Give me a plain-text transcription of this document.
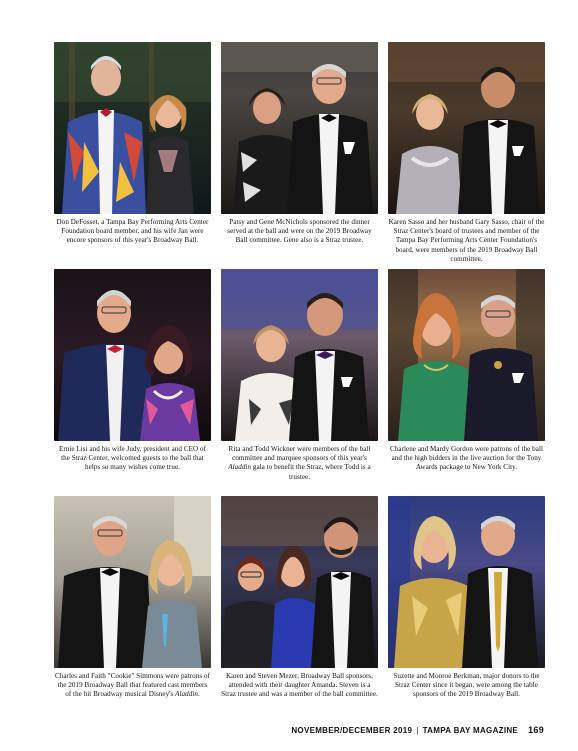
Don DeFosset, a Tampa Bay Performing Arts Center Foundation board member, and his wife Jan were encore sponsors of this year's Broadway Ball.
Patsy and Gene McNichols sponsored the dinner served at the ball and were on the 2019 Broadway Ball committee. Gene also is a Straz trustee.
Karen Sasso and her husband Gary Sasso, chair of the Straz Center's board of trustees and member of the Tampa Bay Performing Arts Center Foundation's board, were members of the 2019 Broadway Ball committee.
Ernie Lisi and his wife Judy, president and CEO of the Straz Center, welcomed guests to the ball that helps so many wishes come true.
Rita and Todd Wickner were members of the ball committee and marquee sponsors of this year's Aladdin gala to benefit the Straz, where Todd is a trustee.
Charlene and Mardy Gordon were patrons of the ball and the high bidders in the live auction for the Tony Awards package to New York City.
Charles and Faith "Cookie" Simmons were patrons of the 2019 Broadway Ball that featured cast members of the hit Broadway musical Disney's Aladdin.
Karen and Steven Mezer, Broadway Ball sponsors, attended with their daughter Amanda. Steven is a Straz trustee and was a member of the ball committee.
Suzette and Monroe Berkman, major donors to the Straz Center since it began, were among the table sponsors of the 2019 Broadway Ball.
NOVEMBER/DECEMBER 2019 | TAMPA BAY MAGAZINE 169
